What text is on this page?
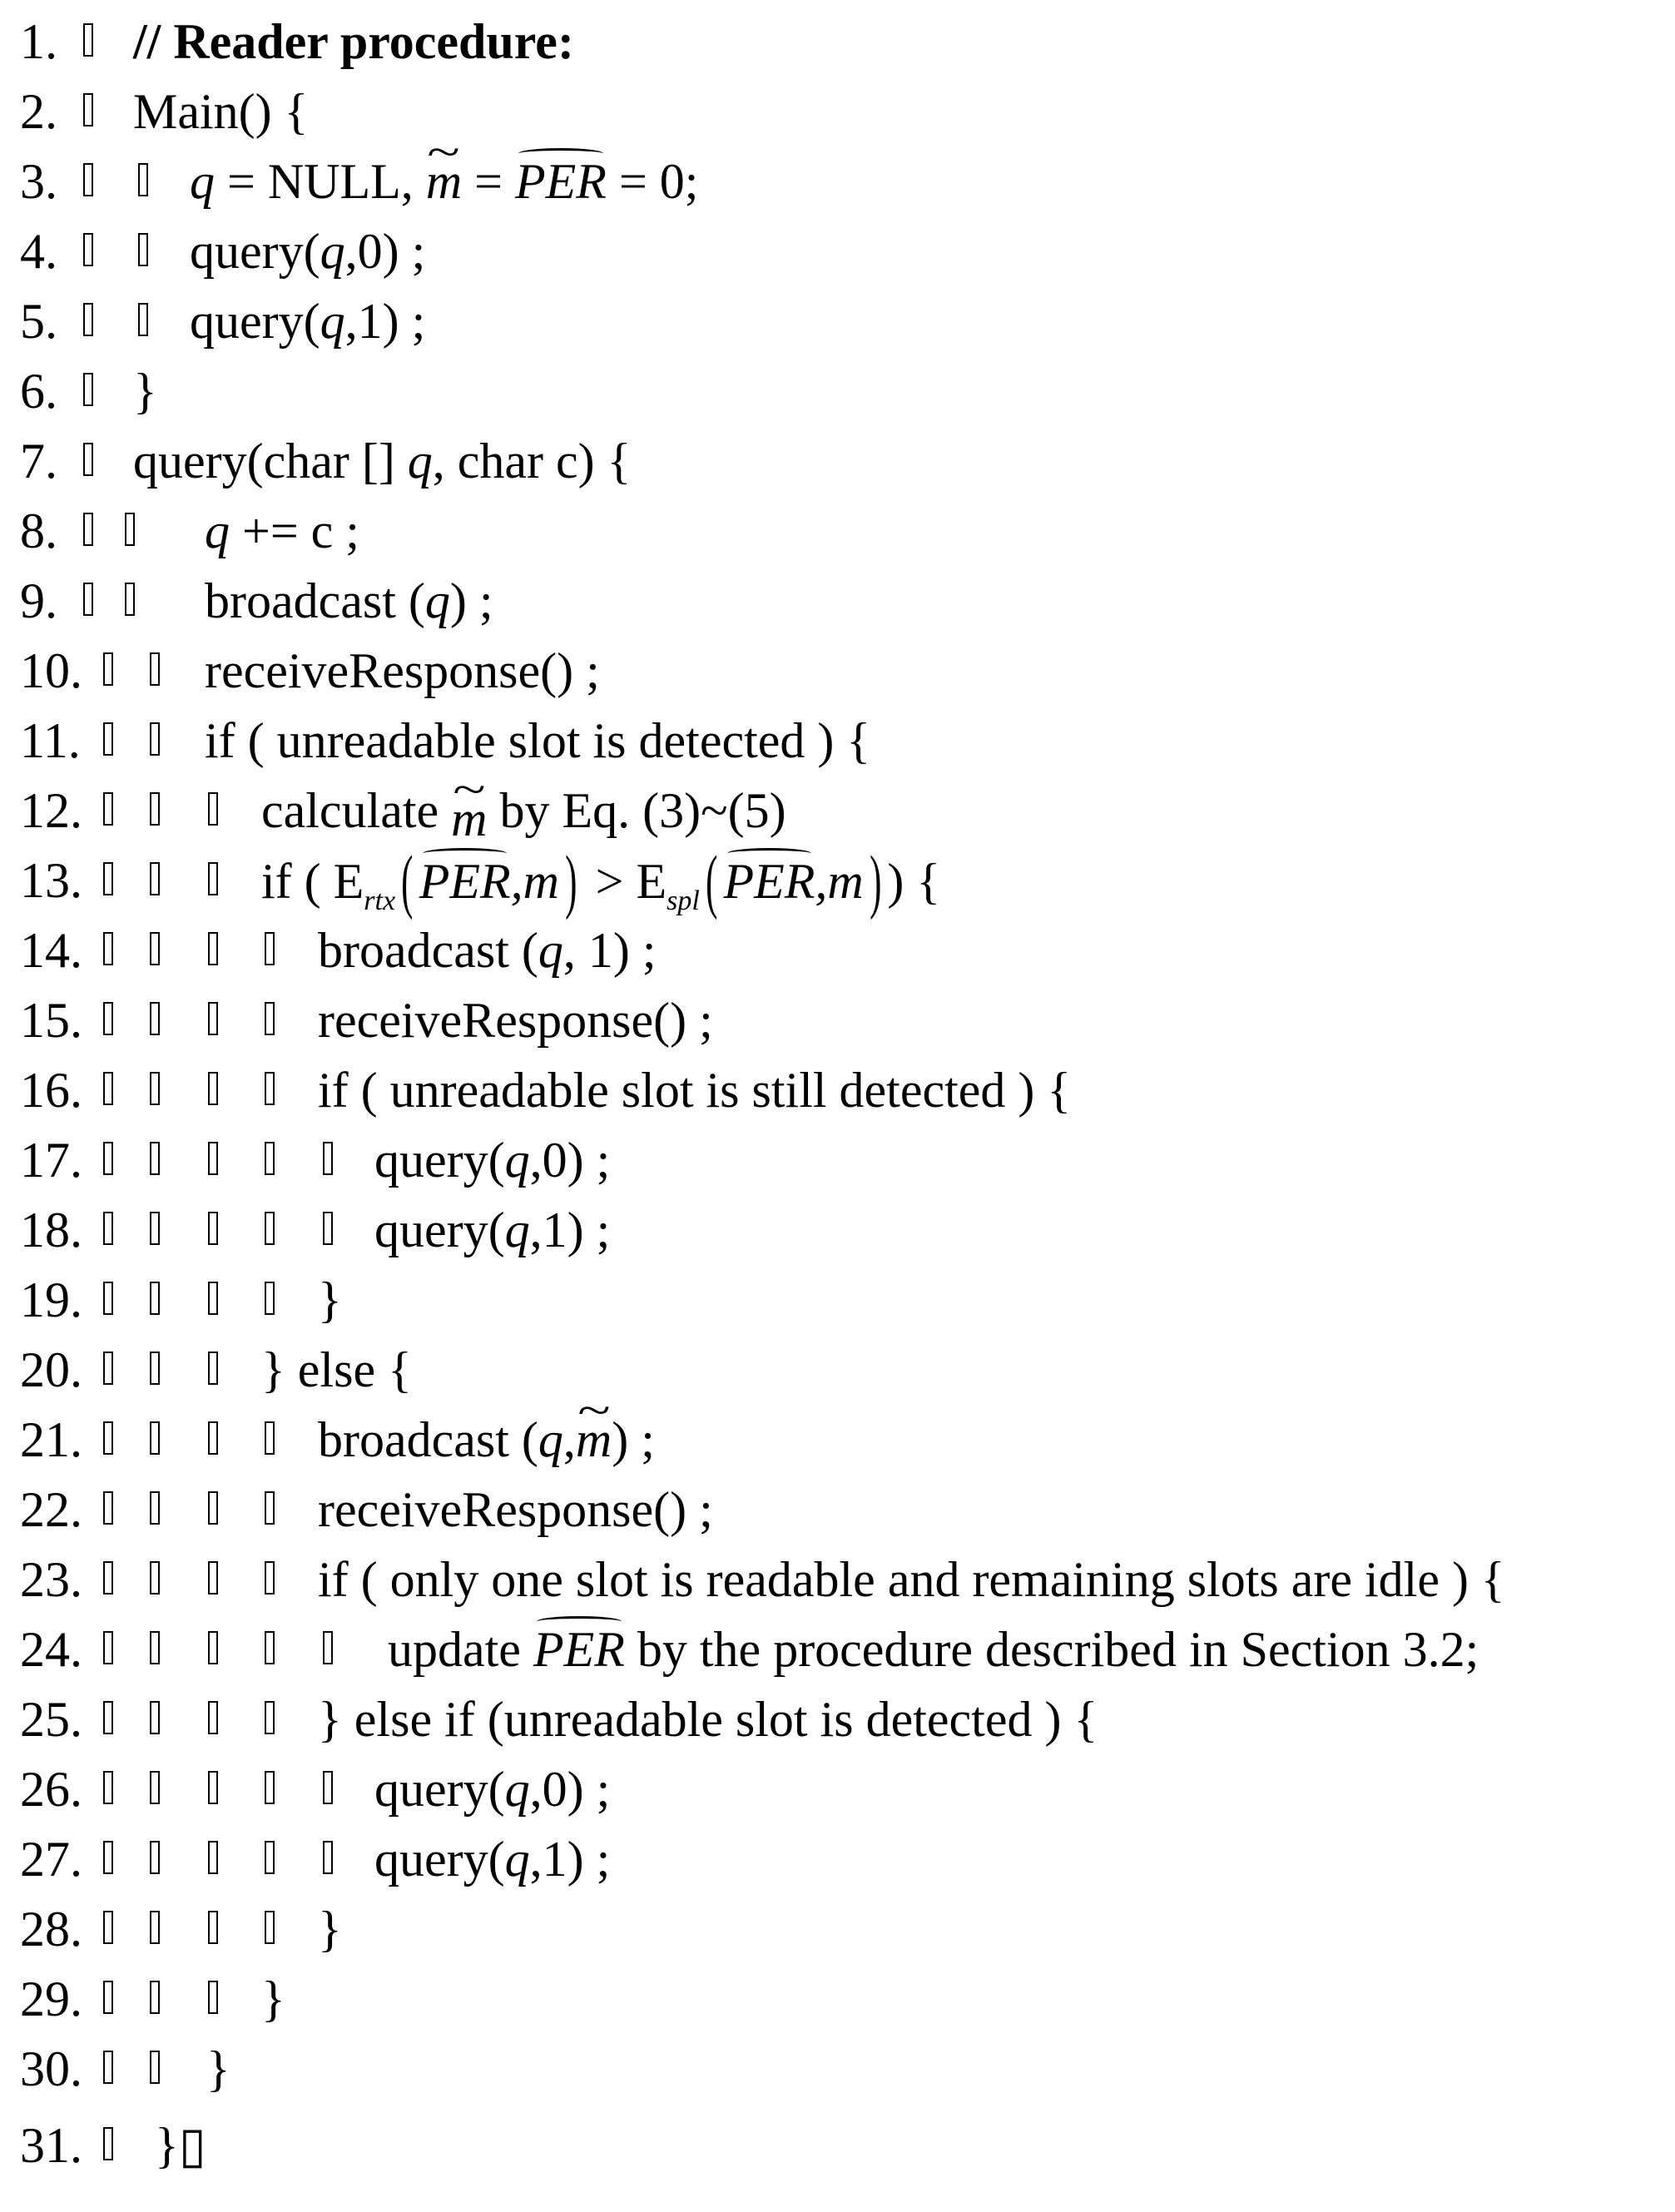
1. // Reader procedure:
2. Main() {
3.	q = NULL, ~ m = PER = 0;
4.	query(q,0) ;
5.	query(q,1) ;
6. }
7. query(char [] q, char c) {
8.	q += c ;
9.	broadcast (q) ;
10. receiveResponse() ;
11. if ( unreadable slot is detected ) {
12.	calculate ~ m by Eq. (3)~(5)
13.	if ( $E_{rtx}$( $PER,m) > E_{spl}$( PER,m) ) {
14.	broadcast (q, 1) ;
15.	receiveResponse() ;
16.	if ( unreadable slot is still detected ) {
17.	query(q,0) ;
18.	query(q,1) ;
19.	}
20.	} else {
21.	broadcast (q,~ m) ;
22.	receiveResponse() ;
23.	if ( only one slot is readable and remaining slots are idle ) {
24.	update PER by the procedure described in Section 3.2;
25.	} else if (unreadable slot is detected ) {
26.	query(q,0) ;
27.	query(q,1) ;
28.	}
29.	}
30. }
31. }▯
